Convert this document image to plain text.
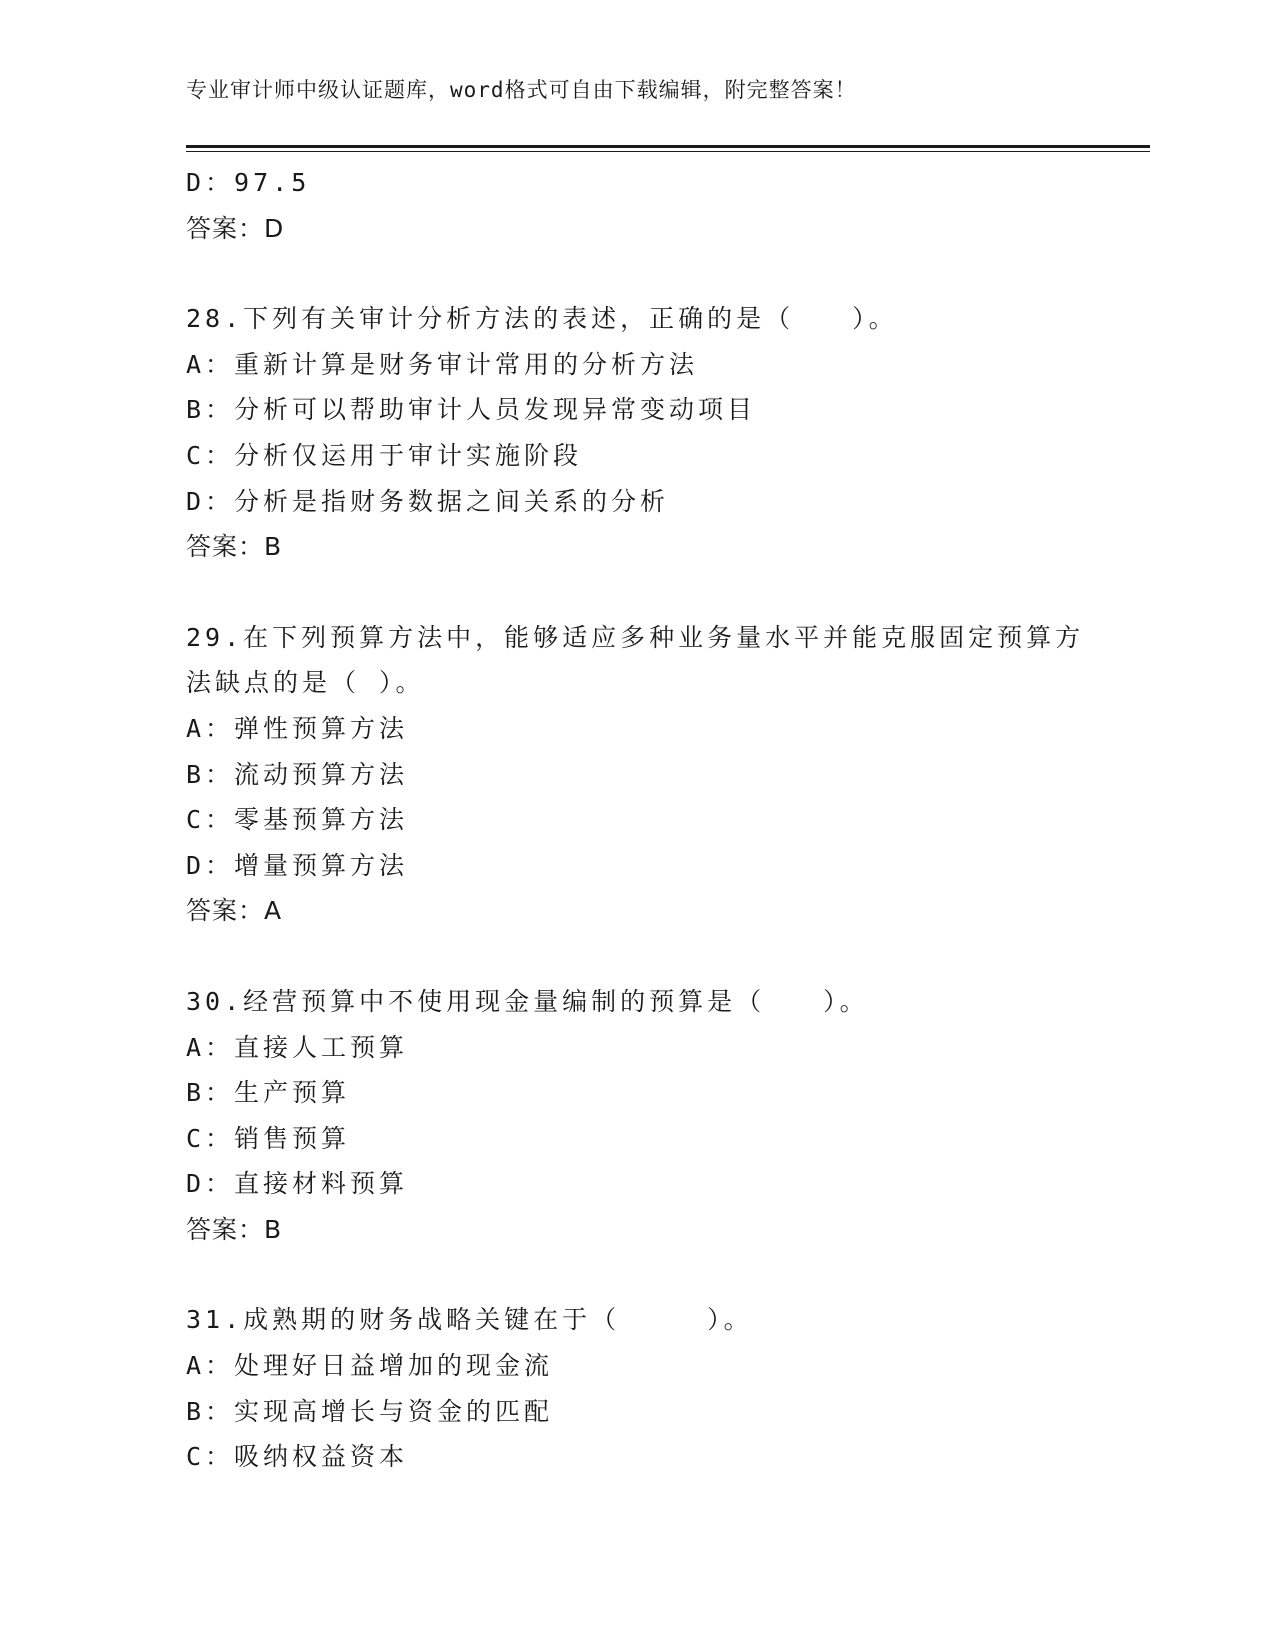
专业审计师中级认证题库，word格式可自由下载编辑，附完整答案！
D：97.5
答案：D
28.下列有关审计分析方法的表述，正确的是（　　）。
A：重新计算是财务审计常用的分析方法
B：分析可以帮助审计人员发现异常变动项目
C：分析仅运用于审计实施阶段
D：分析是指财务数据之间关系的分析
答案：B
29.在下列预算方法中，能够适应多种业务量水平并能克服固定预算方
法缺点的是（ ）。
A：弹性预算方法
B：流动预算方法
C：零基预算方法
D：增量预算方法
答案：A
30.经营预算中不使用现金量编制的预算是（　　）。
A：直接人工预算
B：生产预算
C：销售预算
D：直接材料预算
答案：B
31.成熟期的财务战略关键在于（　　　）。
A：处理好日益增加的现金流
B：实现高增长与资金的匹配
C：吸纳权益资本
